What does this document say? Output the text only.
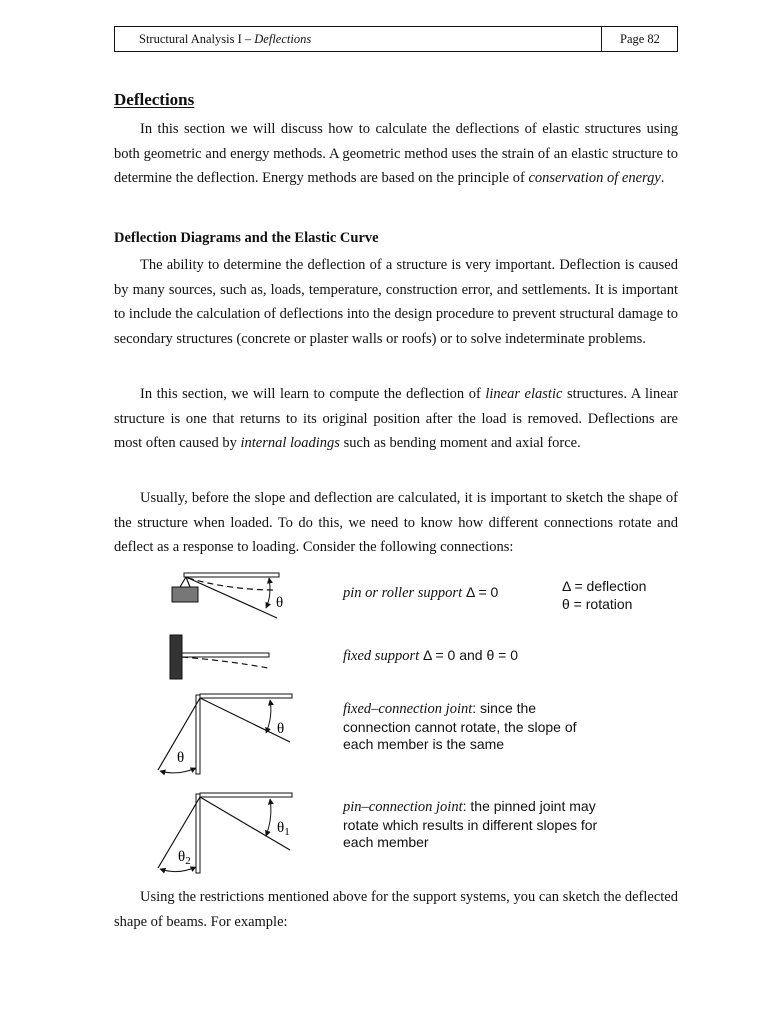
Structural Analysis I – Deflections	Page 82
Deflections

In this section we will discuss how to calculate the deflections of elastic structures using both geometric and energy methods. A geometric method uses the strain of an elastic structure to determine the deflection. Energy methods are based on the principle of conservation of energy.

Deflection Diagrams and the Elastic Curve

The ability to determine the deflection of a structure is very important. Deflection is caused by many sources, such as, loads, temperature, construction error, and settlements. It is important to include the calculation of deflections into the design procedure to prevent structural damage to secondary structures (concrete or plaster walls or roofs) or to solve indeterminate problems.

In this section, we will learn to compute the deflection of linear elastic structures. A linear structure is one that returns to its original position after the load is removed. Deflections are most often caused by internal loadings such as bending moment and axial force.

Usually, before the slope and deflection are calculated, it is important to sketch the shape of the structure when loaded. To do this, we need to know how different connections rotate and deflect as a response to loading. Consider the following connections:

θ
θ
θ
$\theta_1$
$\theta_2$
pin or roller support Δ = 0	Δ = deflection
θ = rotation
fixed support Δ = 0 and θ = 0
fixed–connection joint: since the connection cannot rotate, the slope of each member is the same
pin–connection joint: the pinned joint may rotate which results in different slopes for each member

Using the restrictions mentioned above for the support systems, you can sketch the deflected shape of beams. For example:
